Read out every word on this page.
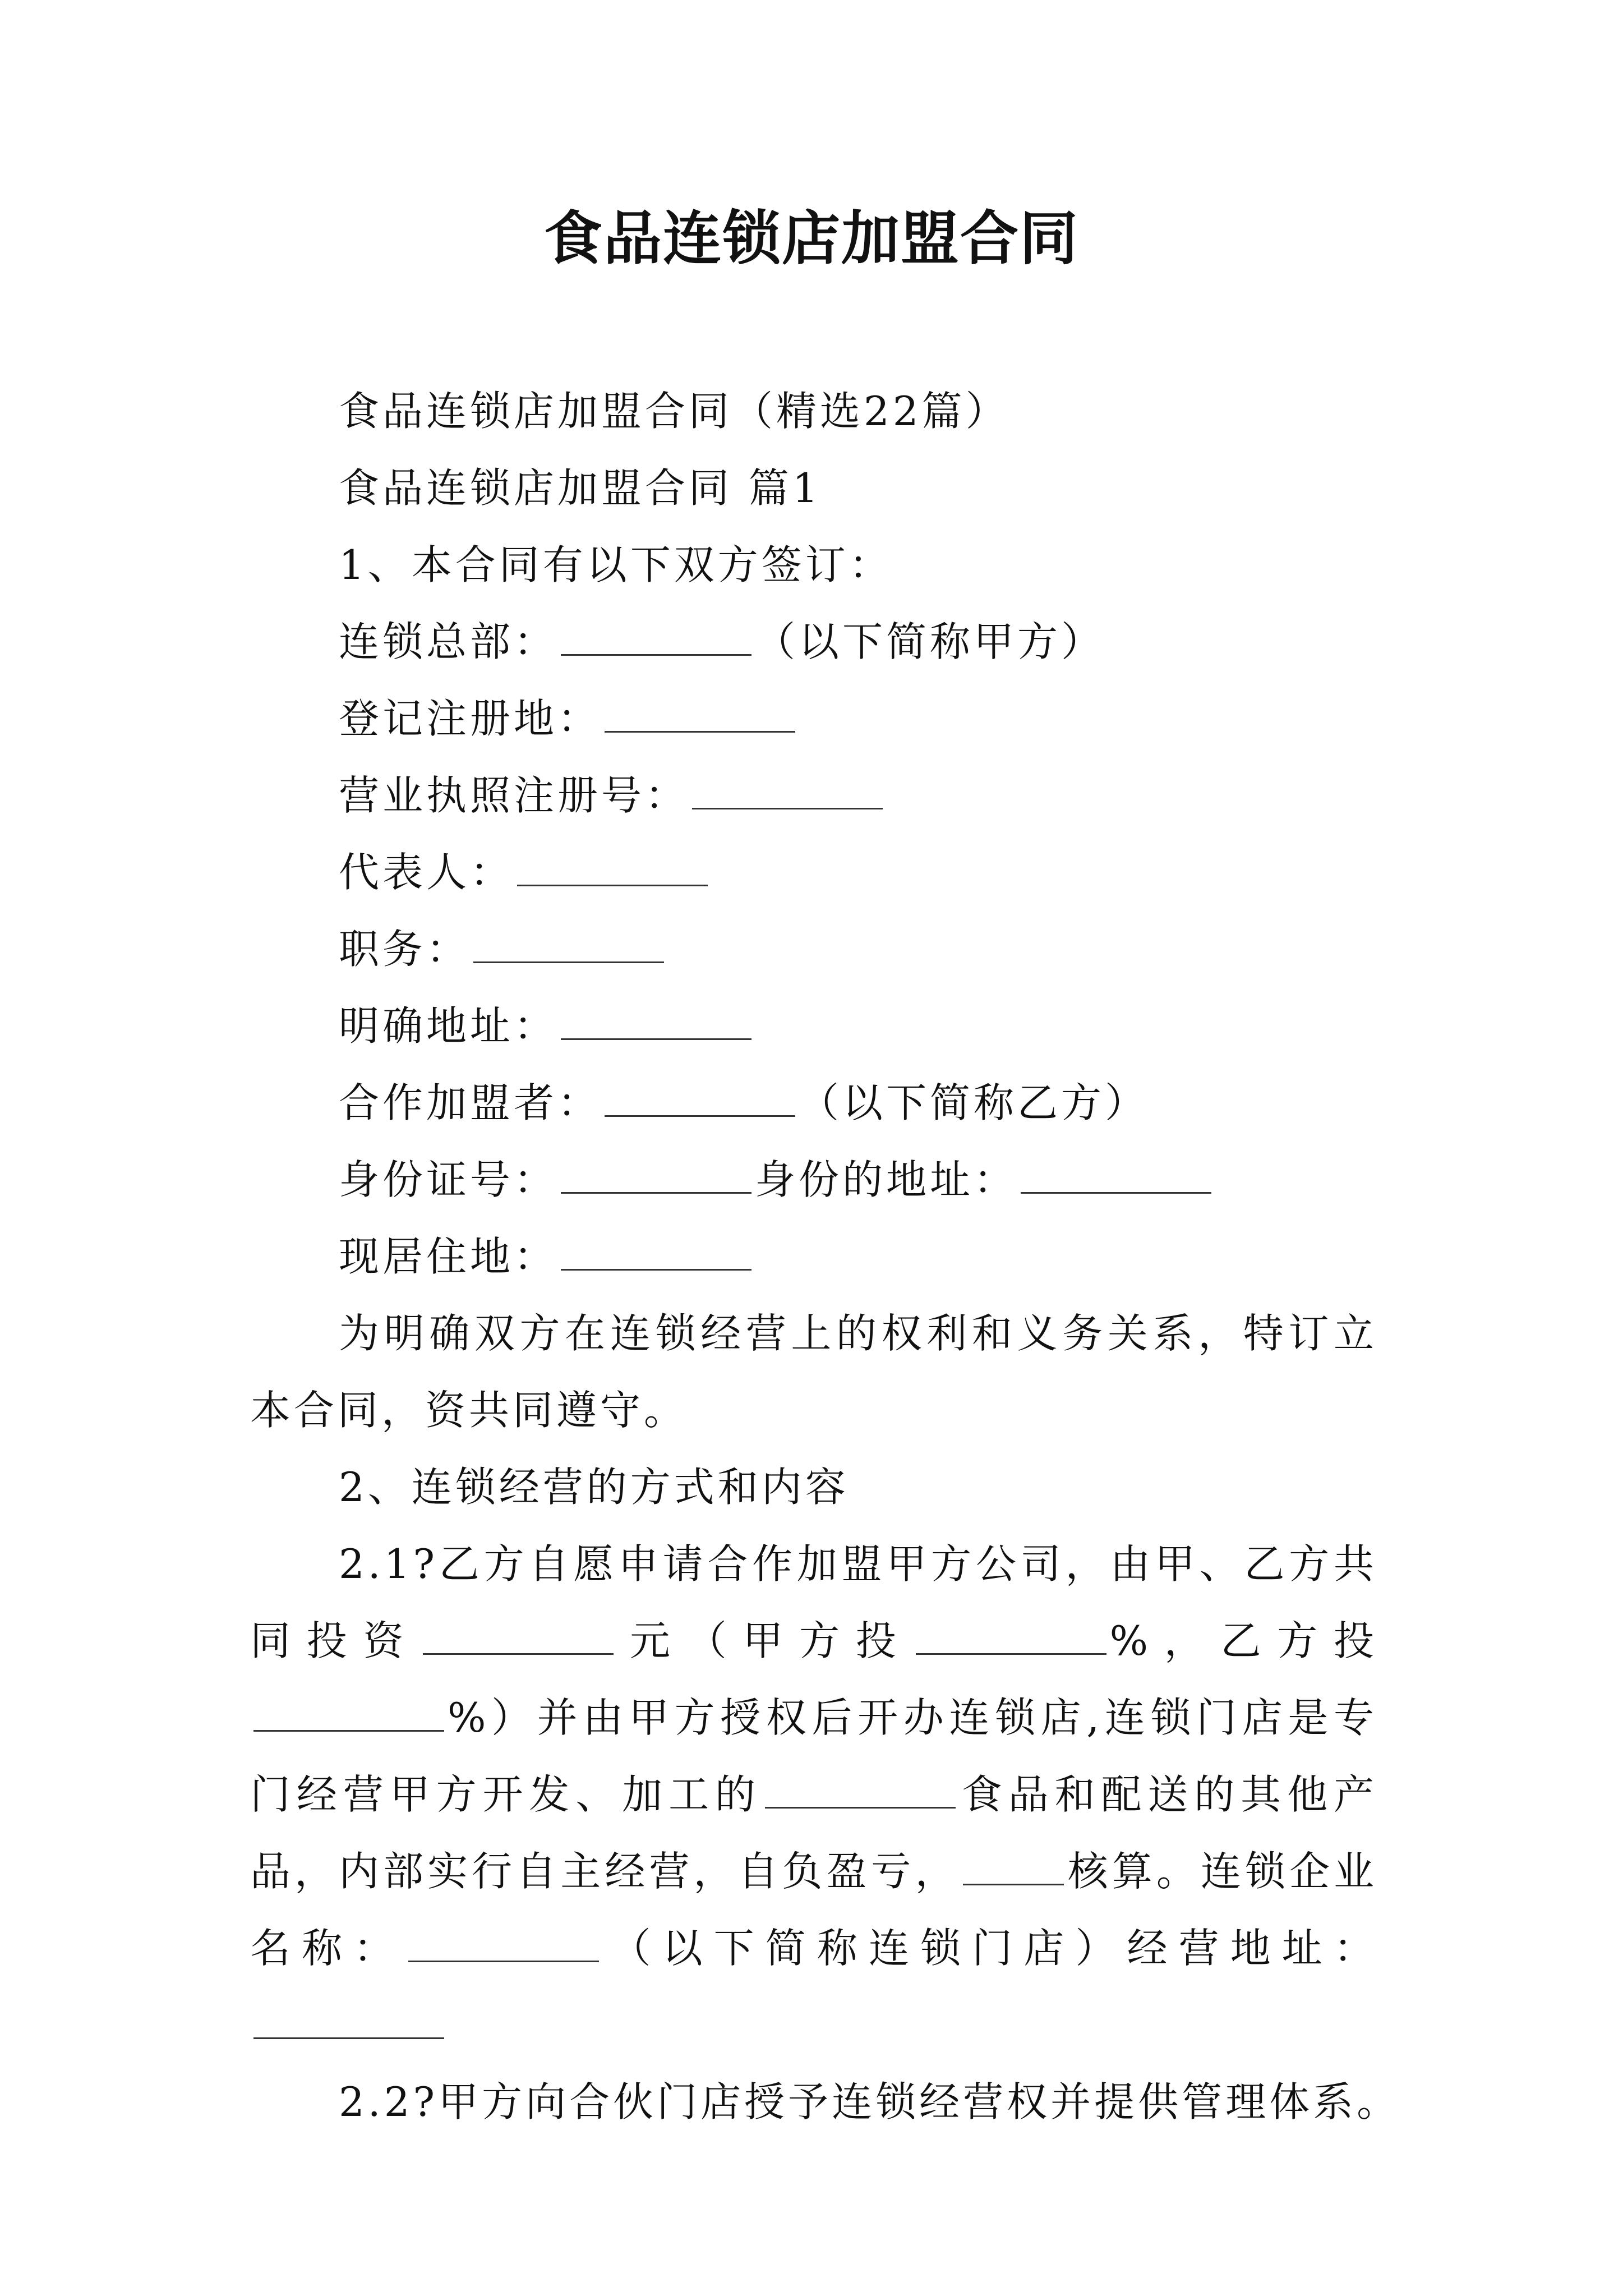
食品连锁店加盟合同

食品连锁店加盟合同（精选22篇）

食品连锁店加盟合同 篇1

1、本合同有以下双方签订：

连锁总部：	（以下简称甲方）

登记注册地：

营业执照注册号：

代表人：

职务：

明确地址：

合作加盟者：	（以下简称乙方）

身份证号：	身份的地址：

现居住地：

为明确双方在连锁经营上的权利和义务关系，特订立本合同，资共同遵守。

2、连锁经营的方式和内容

2.1?乙方自愿申请合作加盟甲方公司，由甲、乙方共同投资	元（甲方投	%，乙方投%）并由甲方授权后开办连锁店,连锁门店是专门经营甲方开发、加工的	食品和配送的其他产品，内部实行自主经营，自负盈亏，	核算。连锁企业名称：	（以下简称连锁门店）经营地址：

2.2?甲方向合伙门店授予连锁经营权并提供管理体系。
